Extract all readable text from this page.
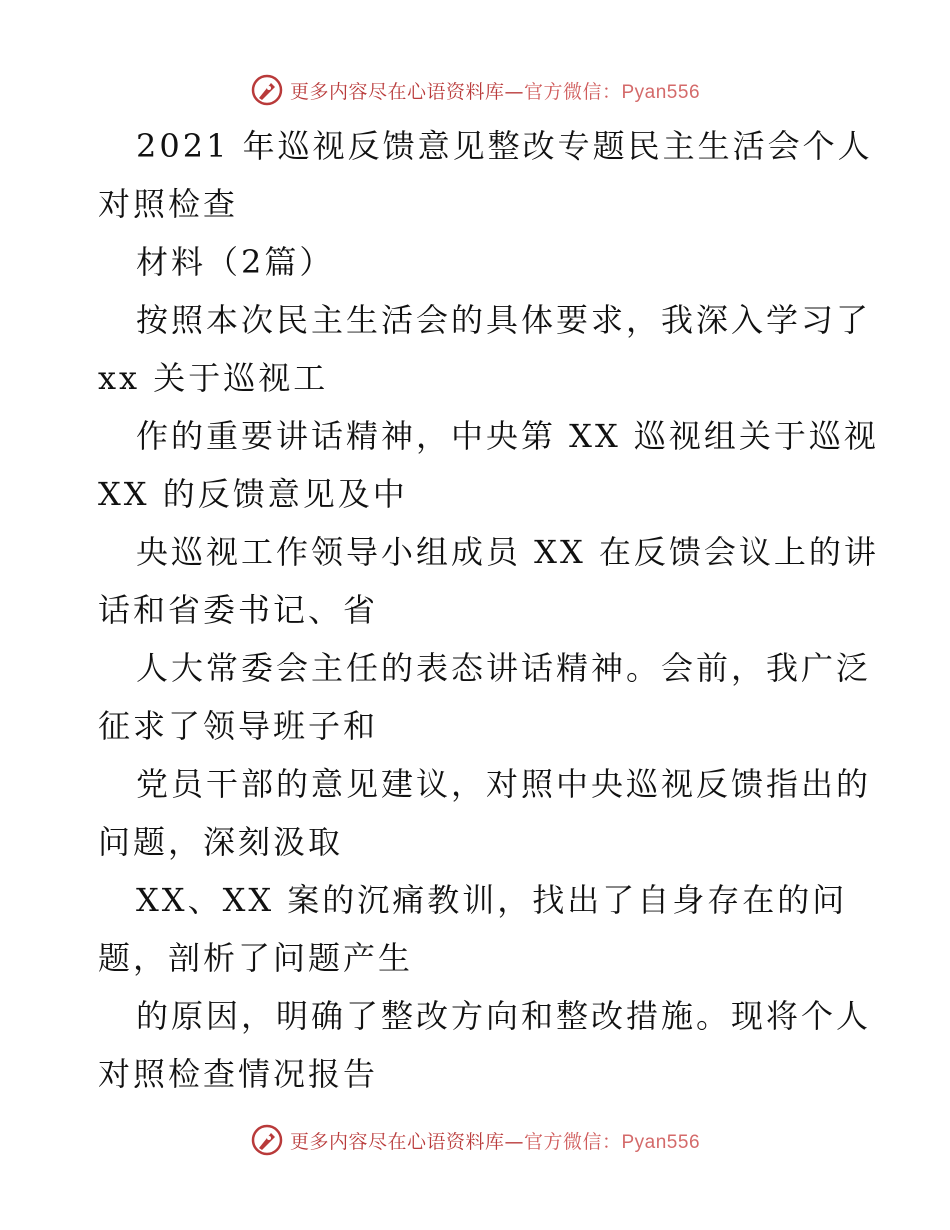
更多内容尽在心语资料库—官方微信：Pyan556
2021 年巡视反馈意见整改专题民主生活会个人
对照检查
材料（2篇）
按照本次民主生活会的具体要求，我深入学习了
xx 关于巡视工
作的重要讲话精神，中央第 XX 巡视组关于巡视
XX 的反馈意见及中
央巡视工作领导小组成员 XX 在反馈会议上的讲
话和省委书记、省
人大常委会主任的表态讲话精神。会前，我广泛
征求了领导班子和
党员干部的意见建议，对照中央巡视反馈指出的
问题，深刻汲取
XX、XX 案的沉痛教训，找出了自身存在的问
题，剖析了问题产生
的原因，明确了整改方向和整改措施。现将个人
对照检查情况报告
更多内容尽在心语资料库—官方微信：Pyan556
